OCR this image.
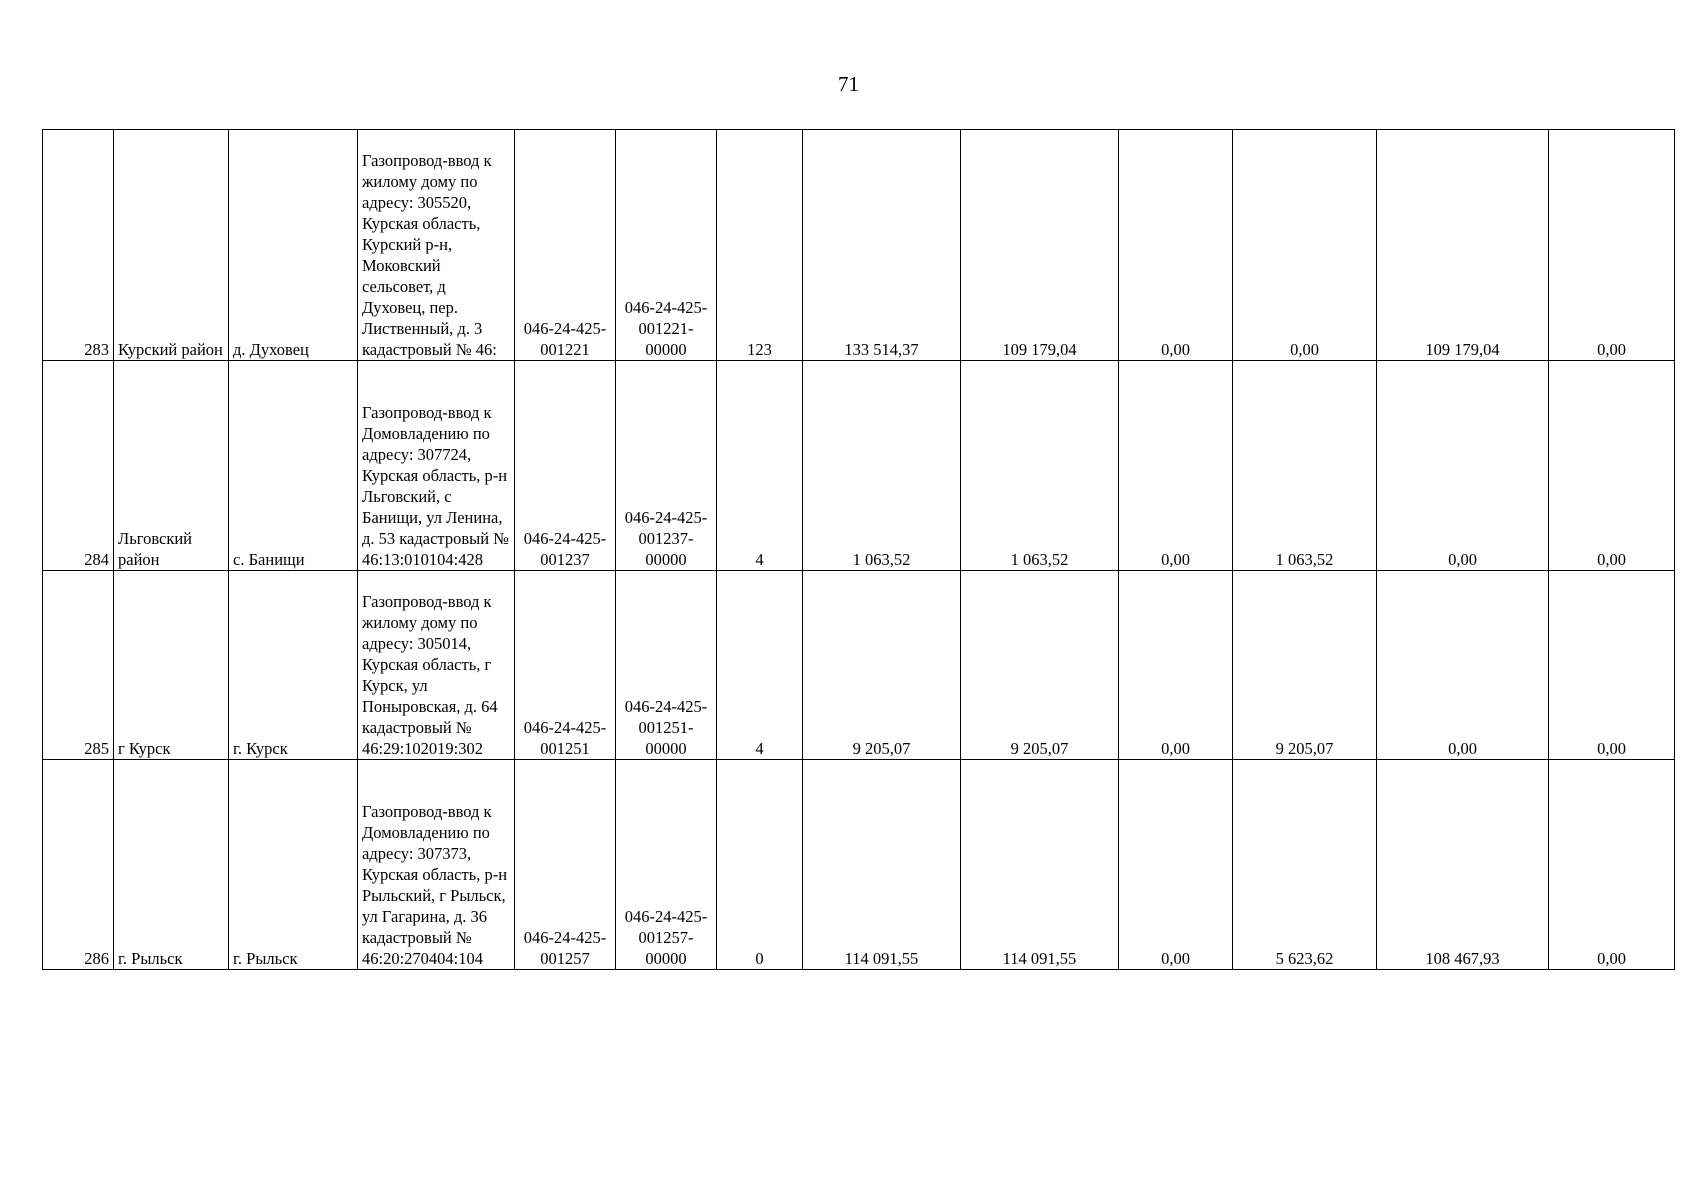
71
283	Курский район	д. Духовец	Газопровод-ввод к жилому дому по адресу: 305520, Курская область, Курский р-н, Моковский сельсовет, д Духовец, пер. Лиственный, д. 3 кадастровый № 46:	046-24-425-001221	046-24-425-001221-00000	123	133 514,37	109 179,04	0,00	0,00	109 179,04	0,00
284	Льговский район	с. Банищи	Газопровод-ввод к Домовладению по адресу: 307724, Курская область, р-н Льговский, с Банищи, ул Ленина, д. 53 кадастровый № 46:13:010104:428	046-24-425-001237	046-24-425-001237-00000	4	1 063,52	1 063,52	0,00	1 063,52	0,00	0,00
285	г Курск	г. Курск	Газопровод-ввод к жилому дому по адресу: 305014, Курская область, г Курск, ул Поныровская, д. 64 кадастровый № 46:29:102019:302	046-24-425-001251	046-24-425-001251-00000	4	9 205,07	9 205,07	0,00	9 205,07	0,00	0,00
286	г. Рыльск	г. Рыльск	Газопровод-ввод к Домовладению по адресу: 307373, Курская область, р-н Рыльский, г Рыльск, ул Гагарина, д. 36 кадастровый № 46:20:270404:104	046-24-425-001257	046-24-425-001257-00000	0	114 091,55	114 091,55	0,00	5 623,62	108 467,93	0,00
